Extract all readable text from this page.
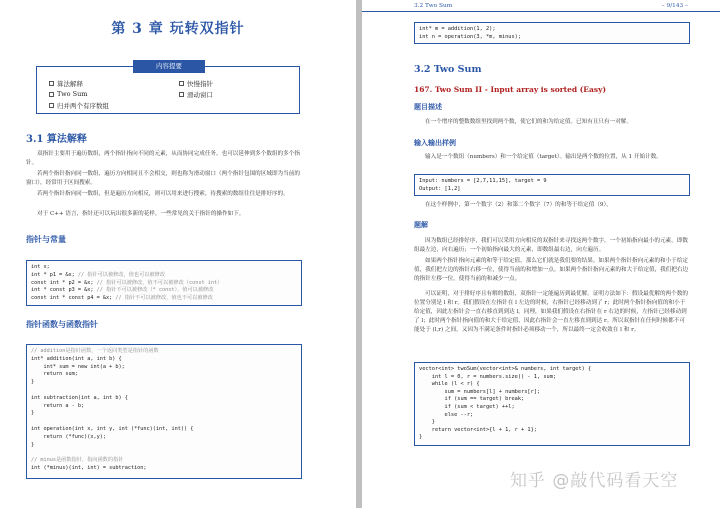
第 3 章 玩转双指针
内容提要
算法解释	快慢指针
Two Sum	滑动窗口
归并两个有序数组
3.1 算法解释
双指针主要用于遍历数组，两个指针指向不同的元素，从而协同完成任务。也可以延伸到多个数组的多个指针。
若两个指针指向同一数组，遍历方向相同且不会相交，则也称为滑动窗口（两个指针包围的区域即为当前的窗口），经常用于区间搜索。
若两个指针指向同一数组，但是遍历方向相反，则可以用来进行搜索，待搜索的数组往往是排好序的。
对于 C++ 语言，指针还可以玩出很多新的花样。一些常见的关于指针的操作如下。
指针与常量
int x;
int * p1 = &x; // 指针可以被修改，值也可以被修改
const int * p2 = &x; // 指针可以被修改，值不可以被修改（const int）
int * const p3 = &x; // 指针不可以被修改（* const），值可以被修改
const int * const p4 = &x; // 指针不可以被修改，值也不可以被修改
指针函数与函数指针
// addition是指针函数，一个返回类型是指针的函数
int* addition(int a, int b) {
int* sum = new int(a + b);
return sum;
}

int subtraction(int a, int b) {
return a - b;
}

int operation(int x, int y, int (*func)(int, int)) {
return (*func)(x,y);
}

// minus是函数指针，指向函数的指针
int (*minus)(int, int) = subtraction;
3.2 Two Sum	– 9/143 –
int* m = addition(1, 2);
int n = operation(3, *m, minus);
3.2 Two Sum
167. Two Sum II - Input array is sorted (Easy)
题目描述
在一个增序的整数数组里找到两个数，使它们的和为给定值。已知有且只有一对解。
输入输出样例
输入是一个数组（numbers）和一个给定值（target）。输出是两个数的位置，从 1 开始计数。
Input: numbers = [2,7,11,15], target = 9
Output: [1,2]
在这个样例中，第一个数字（2）和第二个数字（7）的和等于给定值（9）。
题解
因为数组已经排好序，我们可以采用方向相反的双指针来寻找这两个数字，一个初始指向最小的元素，即数组最左边，向右遍历；一个初始指向最大的元素，即数组最右边，向左遍历。
如果两个指针指向元素的和等于给定值，那么它们就是我们要的结果。如果两个指针指向元素的和小于给定值，我们把左边的指针右移一位，使得当前的和增加一点。如果两个指针指向元素的和大于给定值，我们把右边的指针左移一位，使得当前的和减少一点。
可以证明，对于排好序且有解的数组，双指针一定能遍历到最优解。证明方法如下：假设最优解的两个数的位置分别是 l 和 r。我们假设在左指针在 l 左边的时候，右指针已经移动到了 r；此时两个指针指向值的和小于给定值，因此左指针会一直右移直到到达 l。同理，如果我们假设在右指针在 r 右边的时候，左指针已经移动到了 l；此时两个指针指向值的和大于给定值，因此右指针会一直左移直到到达 r。所以双指针在任何时候都不可能处于 (l,r) 之间，又因为不满足条件时指针必须移动一个，所以最终一定会收敛在 l 和 r。
vector<int> twoSum(vector<int>& numbers, int target) {
int l = 0, r = numbers.size() - 1, sum;
while (l < r) {
sum = numbers[l] + numbers[r];
if (sum == target) break;
if (sum < target) ++l;
else --r;
}
return vector<int>{l + 1, r + 1};
}
知乎 @敲代码看天空
